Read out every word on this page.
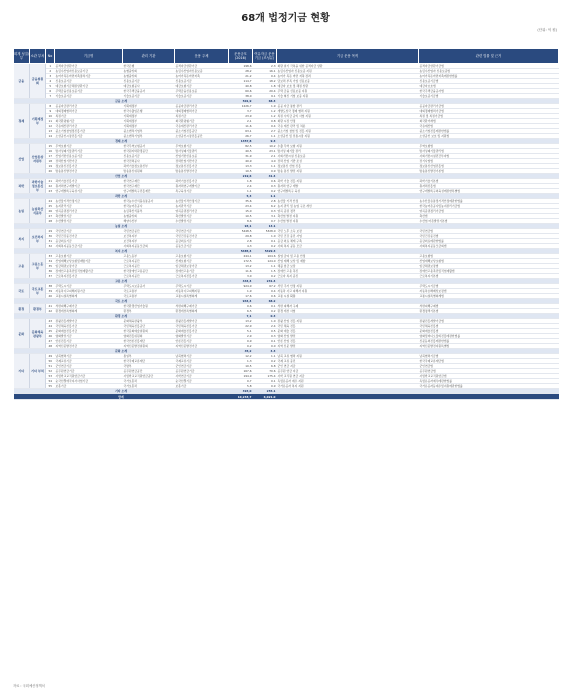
68개 법정기금 현황
(단위: 억 원)
회계 성질/부	소관 부처	No	기금명	관리 기관	운용 주체	운용규모 (2016)	여유자금 운용기금 (조성분)	기금 운용 목적	관련 법률 및 근거
금융	금융위원회	1	공적자금상환기금	한국은행	공적자금상환기금	198,6	2.3	외환 위기 극복을 위한 공적자금 상환	공적자금상환기금법
		2	농림수산업자신용보증기금	농협중앙회	농림수산업자신용보증	28,2	16.1	농림수산업자 신용보증 지원	농림수산업자 신용보증법
		3	농어가목돈마련저축장려기금	농협중앙회	농어가목돈마련저축	21,2	0.4	농어가 목돈 마련 저축 장려	농어가목돈마련저축에관한법률
		4	신용보증기금	신용보증기금	신용보증기금	114,7	18.2	담보력 부족 기업 신용보증	신용보증기금법
		5	예금보험기금채권상환기금	예금보험공사	예금보험기금	40,8	1.8	예금자 보호 및 채권 상환	예금자보호법
		6	주택금융신용보증기금	한국주택금융공사	주택금융신용보증	60,6	20.4	주택 금융 신용보증 지원	한국주택금융공사법
		7	기술보증기금	기술보증기금	기술보증기금	38,0	9.1	기술 혁신 기업 보증 지원	기술보증기금법
금융 소계						501,9	68.3		
경제	기획재정부	8	공공자금관리기금	기획재정부	공공자금관리기금	1226,7	1.9	공공 자금 통합 관리	공공자금관리기금법
		9	대외경제협력기금	한국수출입은행	대외경제협력기금	3,7	1.2	개발도상국 경제 협력 지원	대외경제협력기금법
		10	복권기금	기획재정부	복권기금	23,9	1.2	복권 수익금 공익 사업 지원	복권 및 복권기금법
		11	외국환평형기금	기획재정부	외국환평형기금	2,1	0.8	외환 시장 안정	외국환거래법
		12	국유재산관리기금	기획재정부	국유재산관리기금	11,6	0.4	국유 재산 관리 및 처분	국유재산법
		13	중소기업창업및진흥기금	중소벤처기업부	중소기업진흥공단	63,1	2.7	중소기업 창업 및 진흥 지원	중소기업진흥에관한법률
		14	소상공인시장진흥기금	중소벤처기업부	소상공인시장진흥공단	26,7	1.1	소상공인 및 전통시장 지원	소상공인 보호 및 지원법
경제 소계						1357,8	9.3		
산업	산업통상자원부	15	무역보험기금	한국무역보험공사	무역보험기금	82,5	10.2	수출 무역 보험 지원	무역보험법
		16	방사성폐기물관리기금	한국원자력환경공단	방사성폐기물관리	40,5	23.1	방사성 폐기물 관리	방사성폐기물관리법
		17	산업기반신용보증기금	신용보증기금	산업기반신용보증	31,9	2.1	사회기반시설 신용보증	사회기반시설민간투자법
		18	전력산업기반기금	한국전력공사	전력산업기반기금	40,9	4.0	전력 산업 기반 조성	전기사업법
		19	정보통신진흥기금	과학기술정보통신부	정보통신진흥기금	13,3	1.1	정보통신 산업 진흥	정보통신산업진흥법
		20	방송통신발전기금	방송통신위원회	방송통신발전기금	10,5	0.9	방송 통신 발전 지원	방송통신발전기본법
산업 소계						219,6	41.4		
과학	과학기술정보통신부	21	과학기술진흥기금	한국연구재단	과학기술진흥기금	1,8	0.6	과학 기술 진흥 지원	과학기술기본법
		22	원자력연구개발기금	한국연구재단	원자력연구개발기금	2,4	0.3	원자력 연구 개발	원자력진흥법
		23	연구개발특구육성기금	연구개발특구진흥재단	특구육성기금	1,1	0.2	연구개발특구 육성	연구개발특구의육성에관한특별법
과학 소계						5,3	1.1		
농림	농림축산식품부	24	농산물가격안정기금	한국농수산식품유통공사	농산물가격안정기금	35,6	2.8	농산물 가격 안정	농수산물유통및가격안정에관한법률
		25	농지관리기금	한국농어촌공사	농지관리기금	23,4	6.2	농지 관리 및 농업 구조 개선	한국농어촌공사및농지관리기금법
		26	양곡증권정리기금	농림축산식품부	양곡증권정리기금	15,0	0.3	양곡 증권 정리	양곡증권정리기금법
		27	축산발전기금	농협중앙회	축산발전기금	10,5	3.1	축산업 발전 지원	축산법
		28	수산발전기금	해양수산부	수산발전기금	8,6	0.7	수산업 발전 지원	수산업·어촌발전기본법
농림 소계						93,1	13.1		
복지	보건복지부	29	국민연금기금	국민연금공단	국민연금기금	5448,5	5328.0	국민 노후 소득 보장	국민연금법
		30	국민건강증진기금	보건복지부	국민건강증진기금	29,8	1.0	국민 건강 증진 사업	국민건강증진법
		31	응급의료기금	보건복지부	응급의료기금	2,8	0.1	응급 의료 체계 구축	응급의료에관한법률
		32	사회복지공동모금기금	사회복지공동모금회	공동모금기금	4,3	0.2	사회 복지 공동 모금	사회복지공동모금회법
복지 소계						5485,4	5329.3		
고용	고용노동부	33	고용보험기금	고용노동부	고용보험기금	244,1	104.6	실업 급여 및 고용 안정	고용보험법
		34	산업재해보상보험및예방기금	근로복지공단	산재보험기금	172,5	124.0	산업 재해 보상 및 예방	산업재해보상보험법
		35	임금채권보장기금	근로복지공단	임금채권보장기금	13,2	1.1	체불 임금 보장	임금채권보장법
		36	장애인고용촉진및직업재활기금	한국장애인고용공단	장애인고용기금	11,6	1.5	장애인 고용 촉진	장애인고용촉진및직업재활법
		37	근로복지진흥기금	근로복지공단	근로복지진흥기금	3,0	0.2	근로자 복지 증진	근로복지기본법
고용 소계						444,4	231.4		
국토	국토교통부	38	주택도시기금	주택도시보증공사	주택도시기금	924,9	67.2	서민 주거 안정 지원	주택도시기금법
		39	자동차사고피해지원기금	국토교통부	자동차사고피해지원	1,9	0.4	자동차 사고 피해자 지원	자동차손해배상보장법
		40	교통시설특별회계	국토교통부	교통시설특별회계	17,6	0.6	교통 시설 확충	교통시설특별회계법
국토 소계						944,4	68.2		
환경	환경부	41	석면피해구제기금	한국환경산업기술원	석면피해구제기금	0,6	0.1	석면 피해자 구제	석면피해구제법
		42	환경개선특별회계	환경부	환경개선특별회계	6,5	0.2	환경 개선 사업	환경정책기본법
환경 소계						7,1	0.3		
문화	문화체육관광부	43	관광진흥개발기금	문화체육관광부	관광진흥개발기금	13,2	1.0	관광 산업 진흥 지원	관광진흥개발기금법
		44	국민체육진흥기금	국민체육진흥공단	국민체육진흥기금	22,9	2.4	국민 체육 진흥	국민체육진흥법
		45	문화예술진흥기금	한국문화예술위원회	문화예술진흥기금	5,1	0.5	문화 예술 진흥	문화예술진흥법
		46	영화발전기금	영화진흥위원회	영화발전기금	2,9	0.3	영화 산업 발전	영화및비디오물의진흥에관한법률
		47	언론진흥기금	한국언론진흥재단	언론진흥기금	0,9	0.1	언론 산업 진흥	신문등의진흥에관한법률
		48	지역신문발전기금	지역신문발전위원회	지역신문발전기금	0,2	0.0	지역 신문 발전	지역신문발전지원특별법
문화 소계						45,2	4.3		
기타	기타 부처	49	남북협력기금	통일부	남북협력기금	12,2	1.1	남북 교류 협력 지원	남북협력기금법
		50	국제교류기금	한국국제교류재단	국제교류기금	1,3	0.2	국제 교류 증진	한국국제교류재단법
		51	군인연금기금	국방부	군인연금기금	10,5	6.8	군인 연금 지급	군인연금법
		52	공무원연금기금	공무원연금공단	공무원연금기금	167,6	70.6	공무원 연금 지급	공무원연금법
		53	사립학교교직원연금기금	사립학교교직원연금공단	사학연금기금	194,9	175.4	사학 교직원 연금 지급	사립학교교직원연금법
		54	순국선열애국지사사업기금	국가보훈처	순국선열기금	0,7	0.1	독립유공자 예우 지원	독립유공자예우에관한법률
		55	보훈기금	국가보훈처	보훈기금	5,8	0.9	국가유공자 복지 지원	국가유공자등예우및지원에관한법률
기타 소계						393,0	255.1		
합계						10,233,7	6,021.0		
자료 : 국회예산정책처
